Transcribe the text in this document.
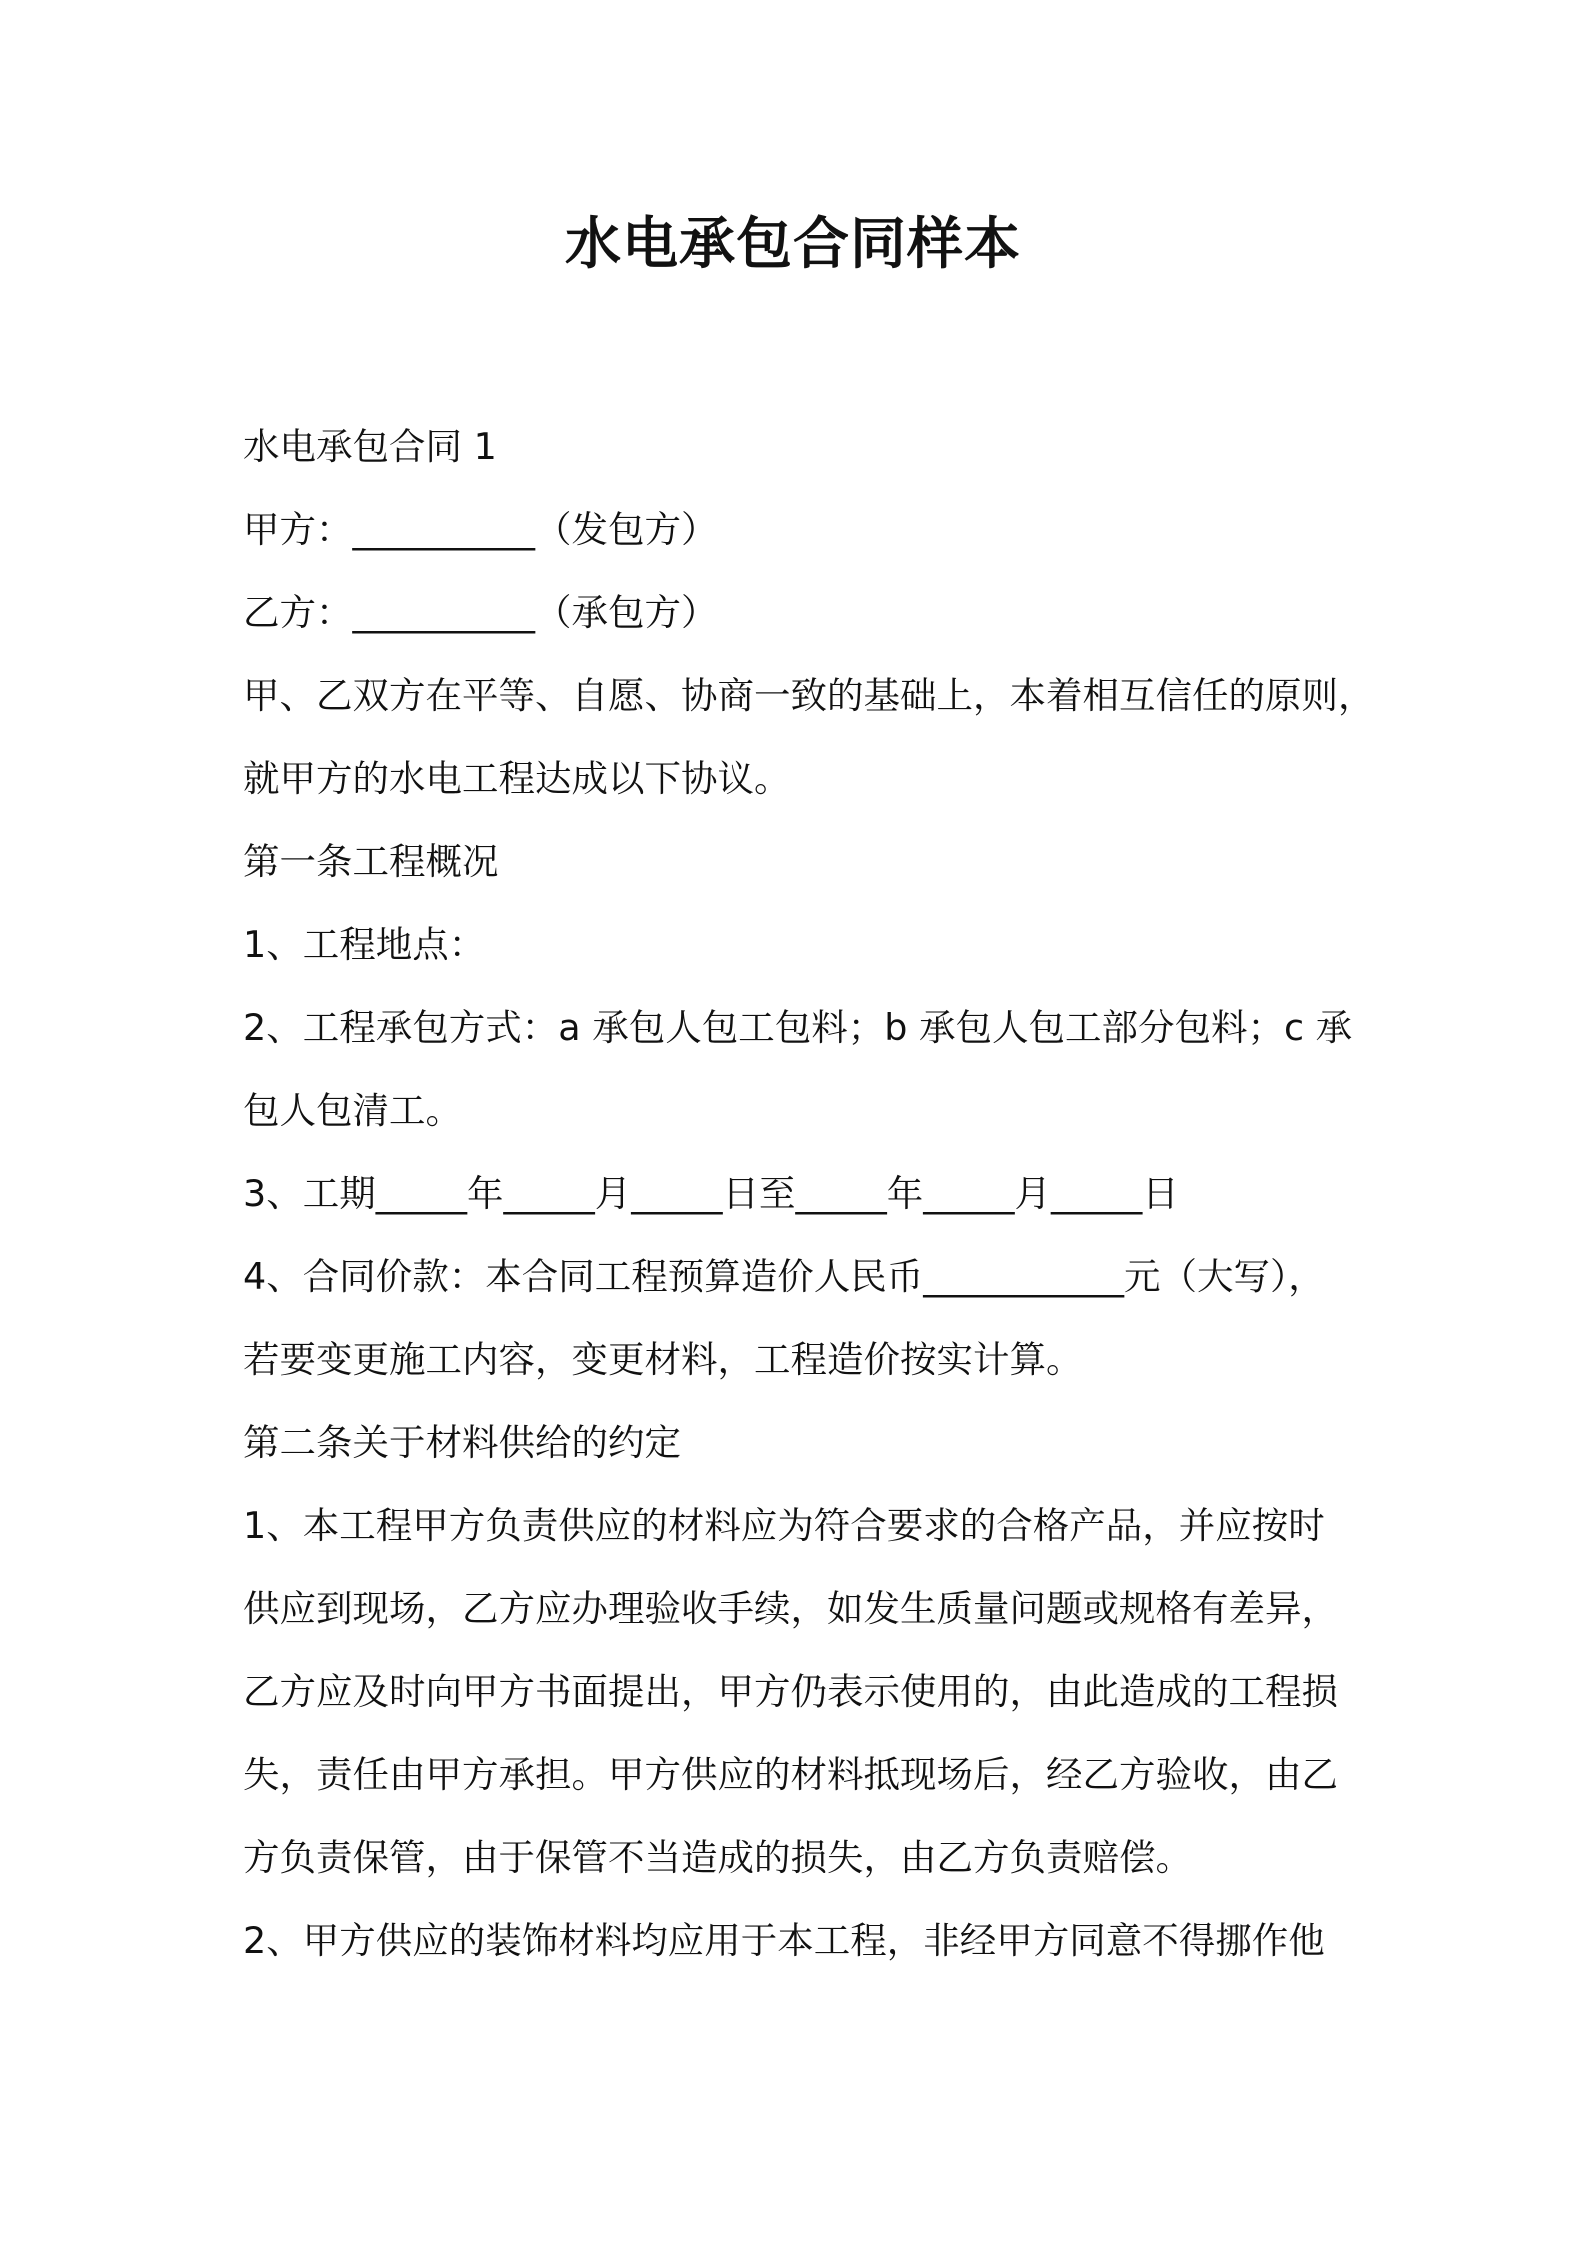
水电承包合同样本
水电承包合同 1
甲方：__________（发包方）
乙方：__________（承包方）
甲、乙双方在平等、自愿、协商一致的基础上，本着相互信任的原则，
就甲方的水电工程达成以下协议。
第一条工程概况
1、工程地点：
2、工程承包方式：a 承包人包工包料；b 承包人包工部分包料；c 承
包人包清工。
3、工期_____年_____月_____日至_____年_____月_____日
4、合同价款：本合同工程预算造价人民币___________元（大写），
若要变更施工内容，变更材料，工程造价按实计算。
第二条关于材料供给的约定
1、本工程甲方负责供应的材料应为符合要求的合格产品，并应按时
供应到现场，乙方应办理验收手续，如发生质量问题或规格有差异，
乙方应及时向甲方书面提出，甲方仍表示使用的，由此造成的工程损
失，责任由甲方承担。甲方供应的材料抵现场后，经乙方验收，由乙
方负责保管，由于保管不当造成的损失，由乙方负责赔偿。
2、甲方供应的装饰材料均应用于本工程，非经甲方同意不得挪作他
